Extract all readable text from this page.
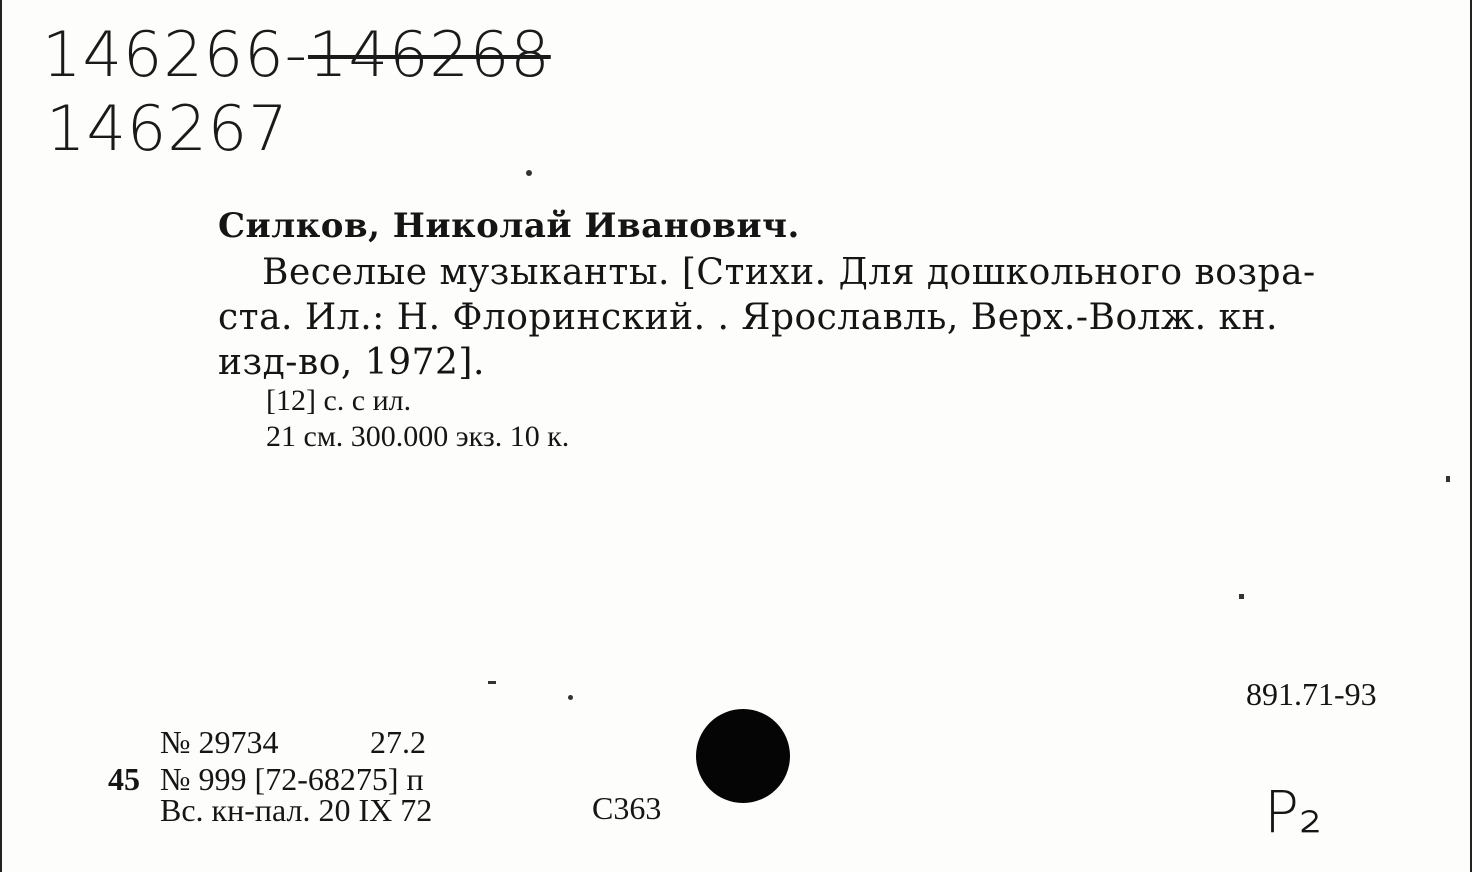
146266-146268
146267
Силков, Николай Иванович.

Веселые музыканты. [Стихи. Для дошкольного возра-
ста. Ил.: Н. Флоринский. . Ярославль, Верх.-Волж. кн.
изд-во, 1972].

[12] с. с ил.
21 см. 300.000 экз. 10 к.
891.71-93
№ 29734	27.2
45 № 999 [72-68275] п
Вс. кн-пал. 20 IX 72	С363	P₂
